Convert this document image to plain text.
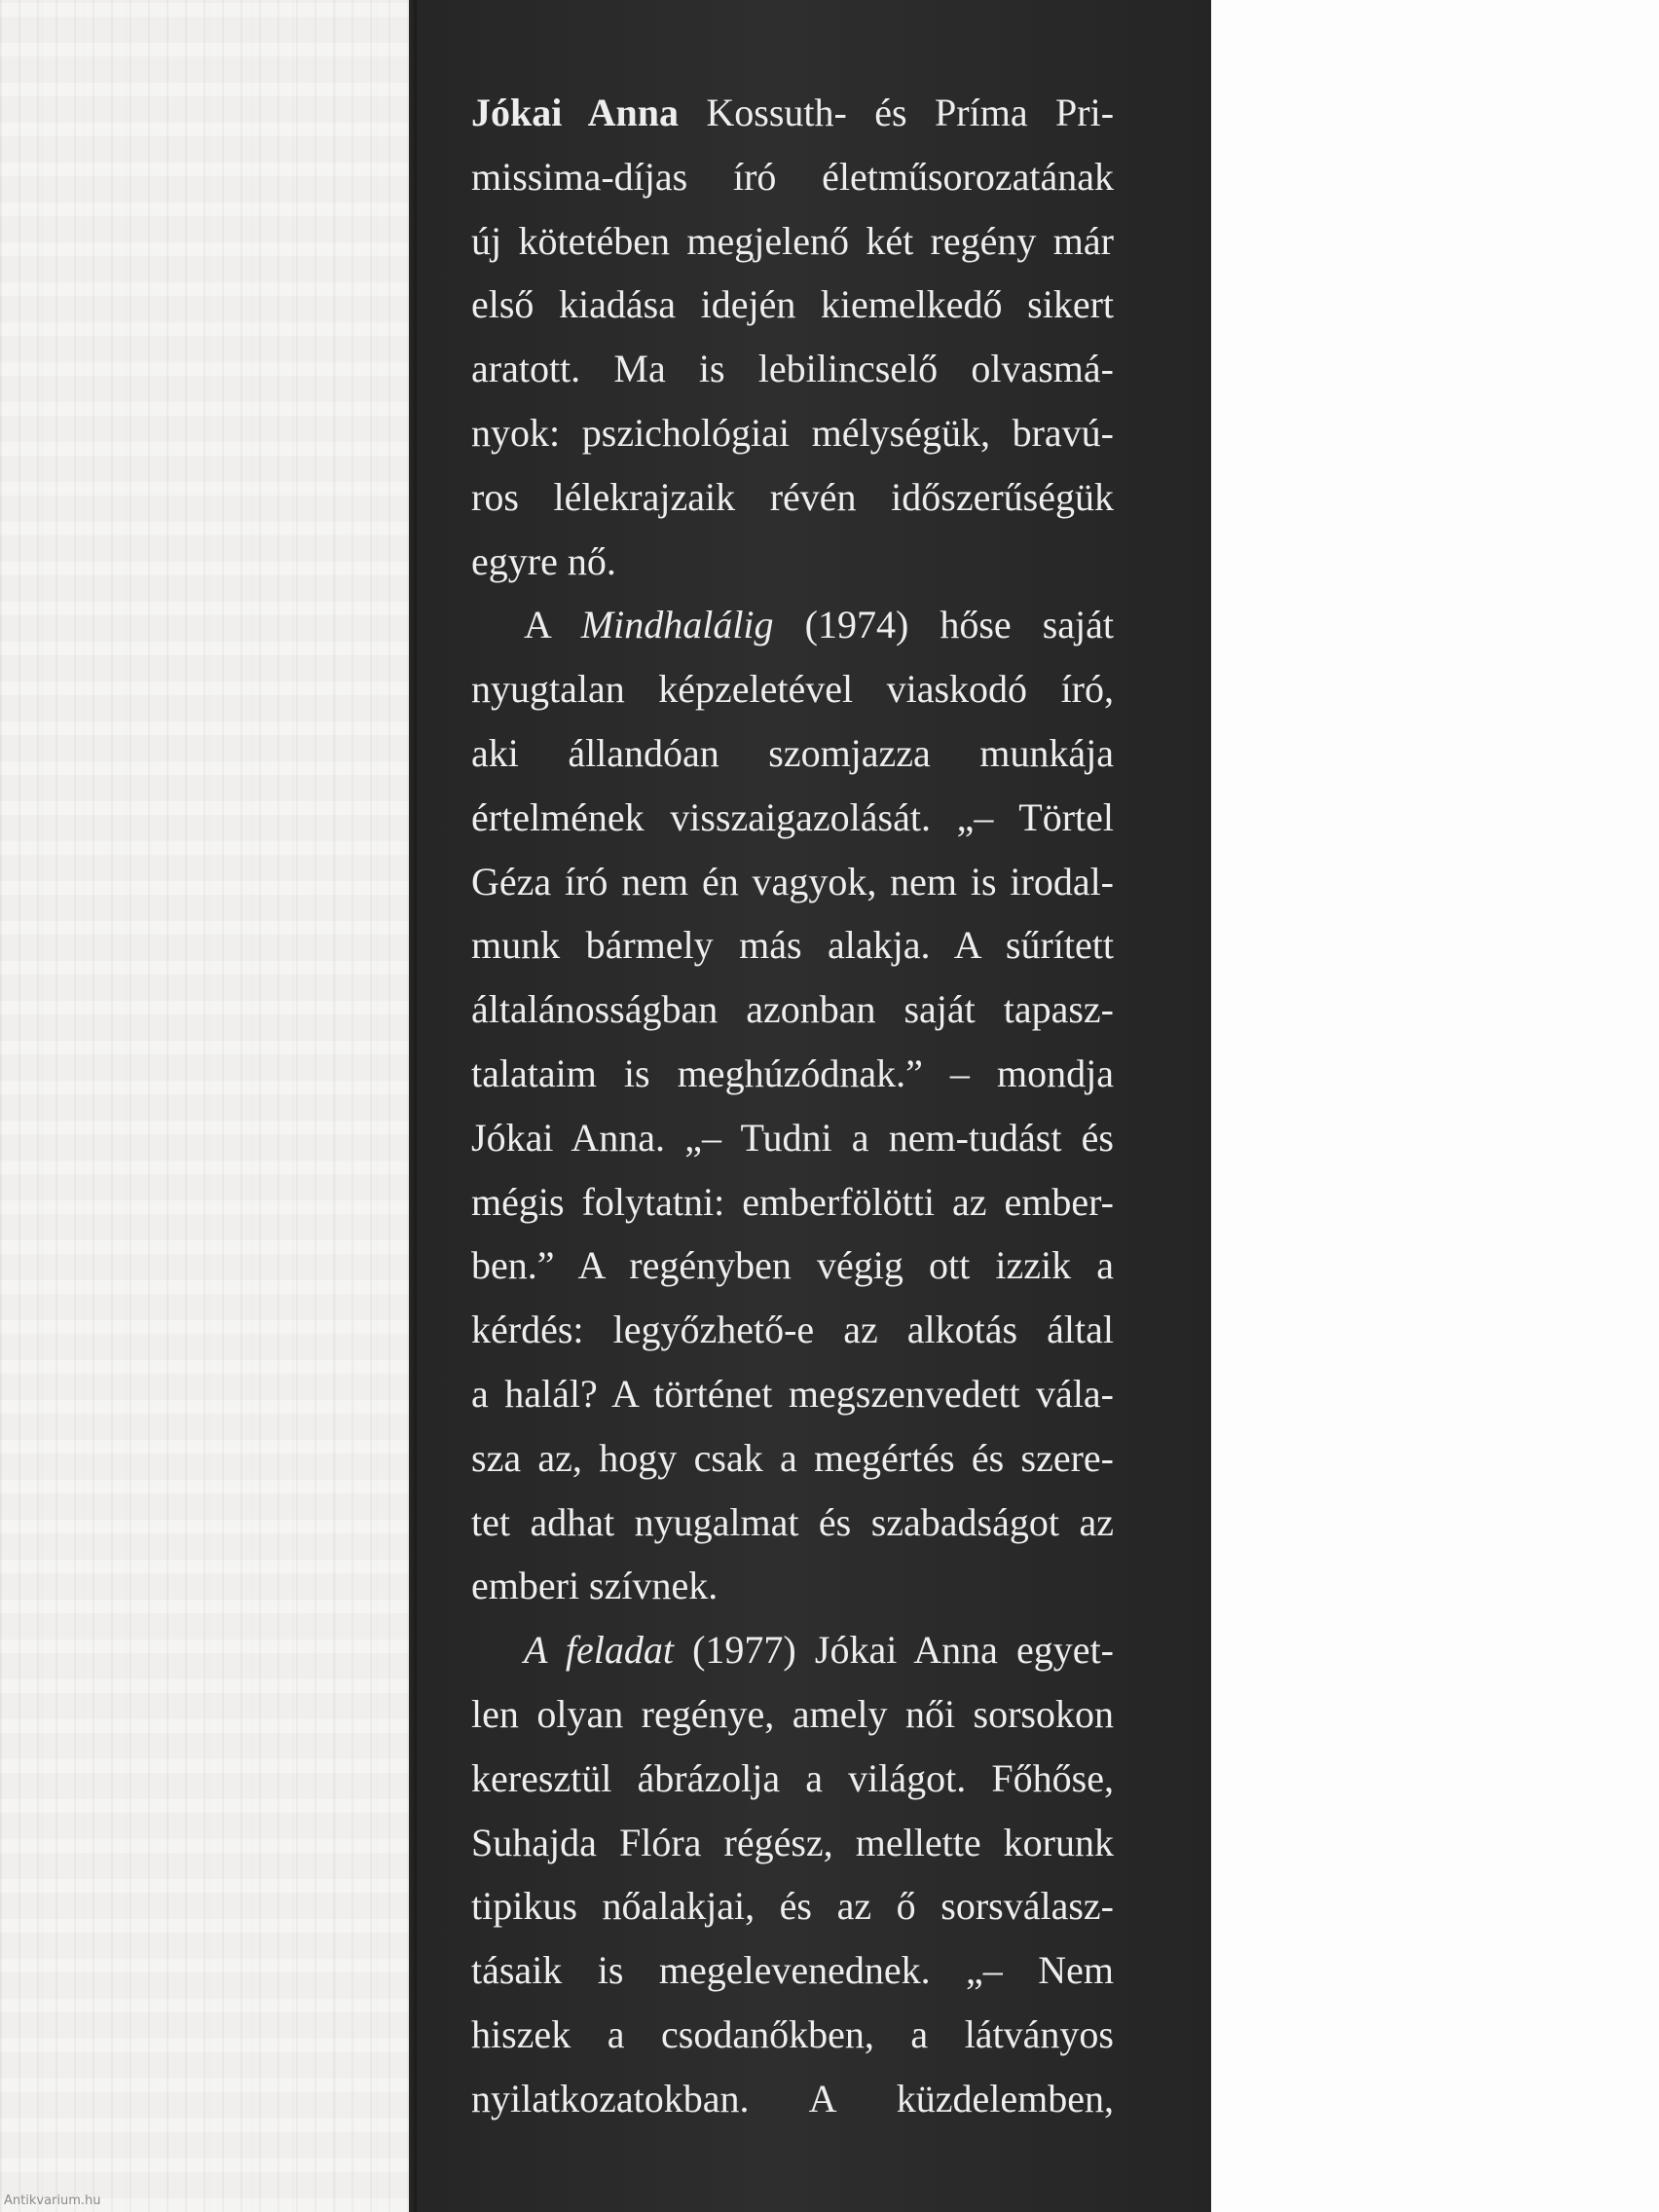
Jókai Anna Kossuth- és Príma Pri-
missima-díjas író életműsorozatának
új kötetében megjelenő két regény már
első kiadása idején kiemelkedő sikert
aratott. Ma is lebilincselő olvasmá-
nyok: pszichológiai mélységük, bravú-
ros lélekrajzaik révén időszerűségük
egyre nő.
A Mindhalálig (1974) hőse saját
nyugtalan képzeletével viaskodó író,
aki állandóan szomjazza munkája
értelmének visszaigazolását. „– Törtel
Géza író nem én vagyok, nem is irodal-
munk bármely más alakja. A sűrített
általánosságban azonban saját tapasz-
talataim is meghúzódnak.” – mondja
Jókai Anna. „– Tudni a nem-tudást és
mégis folytatni: emberfölötti az ember-
ben.” A regényben végig ott izzik a
kérdés: legyőzhető-e az alkotás által
a halál? A történet megszenvedett vála-
sza az, hogy csak a megértés és szere-
tet adhat nyugalmat és szabadságot az
emberi szívnek.
A feladat (1977) Jókai Anna egyet-
len olyan regénye, amely női sorsokon
keresztül ábrázolja a világot. Főhőse,
Suhajda Flóra régész, mellette korunk
tipikus nőalakjai, és az ő sorsválasz-
tásaik is megelevenednek. „– Nem
hiszek a csodanőkben, a látványos
nyilatkozatokban. A küzdelemben,
Antikvarium.hu
